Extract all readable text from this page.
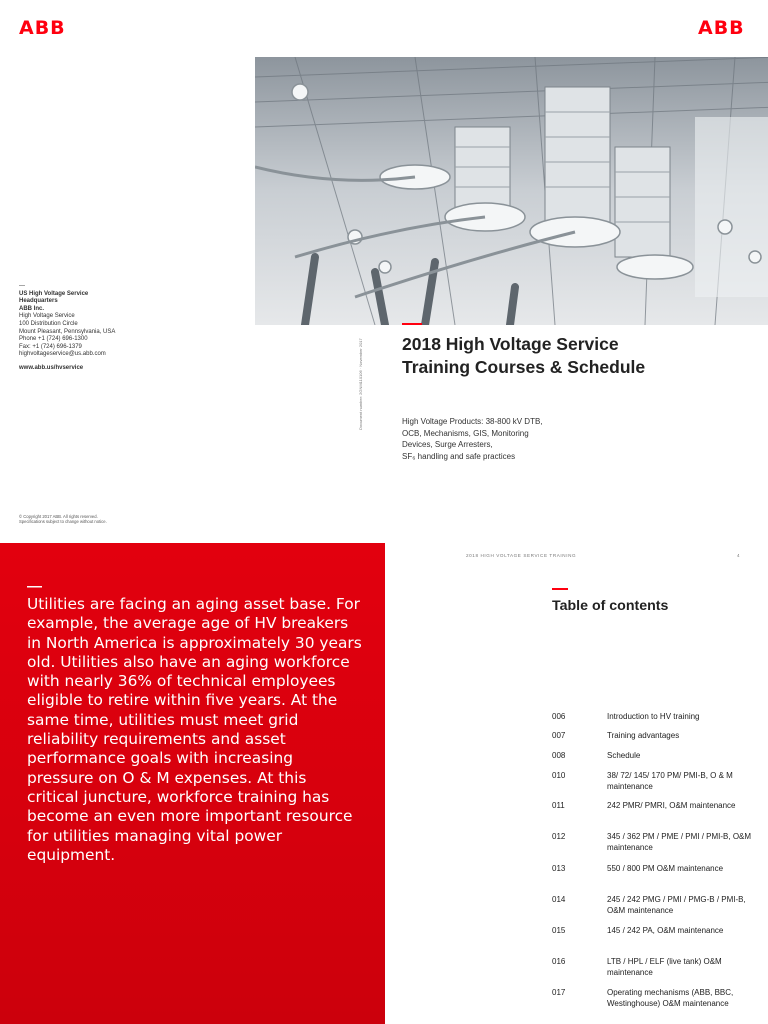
ABB	ABB
—
US High Voltage Service
Headquarters
ABB Inc.
High Voltage Service
100 Distribution Circle
Mount Pleasant, Pennsylvania, USA
Phone +1 (724) 696-1300
Fax: +1 (724) 696-1379
highvoltageservice@us.abb.com
www.abb.us/hvservice
© Copyright 2017 ABB. All rights reserved.
Specifications subject to change without notice.
Document number: 2GNM110106 · November 2017 2018 High Voltage Service
Training Courses & Schedule
High Voltage Products: 38-800 kV DTB,
OCB, Mechanisms, GIS, Monitoring
Devices, Surge Arresters,
SF₆ handling and safe practices
—
Utilities are facing an aging asset base. For example, the average age of HV breakers in North America is approximately 30 years old. Utilities also have an aging workforce with nearly 36% of technical employees eligible to retire within five years. At the same time, utilities must meet grid reliability requirements and asset performance goals with increasing pressure on O & M expenses. At this critical juncture, workforce training has become an even more important resource for utilities managing vital power equipment.
2018 HIGH VOLTAGE SERVICE TRAINING	4
Table of contents
006	Introduction to HV training
007	Training advantages
008	Schedule
010	38/ 72/ 145/ 170 PM/ PMI-B, O & M maintenance
011	242 PMR/ PMRI, O&M maintenance
012	345 / 362 PM / PME / PMI / PMI-B, O&M maintenance
013	550 / 800 PM O&M maintenance
014	245 / 242 PMG / PMI / PMG-B / PMI-B, O&M maintenance
015	145 / 242 PA, O&M maintenance
016	LTB / HPL / ELF (live tank) O&M maintenance
017	Operating mechanisms (ABB, BBC, Westinghouse) O&M maintenance
